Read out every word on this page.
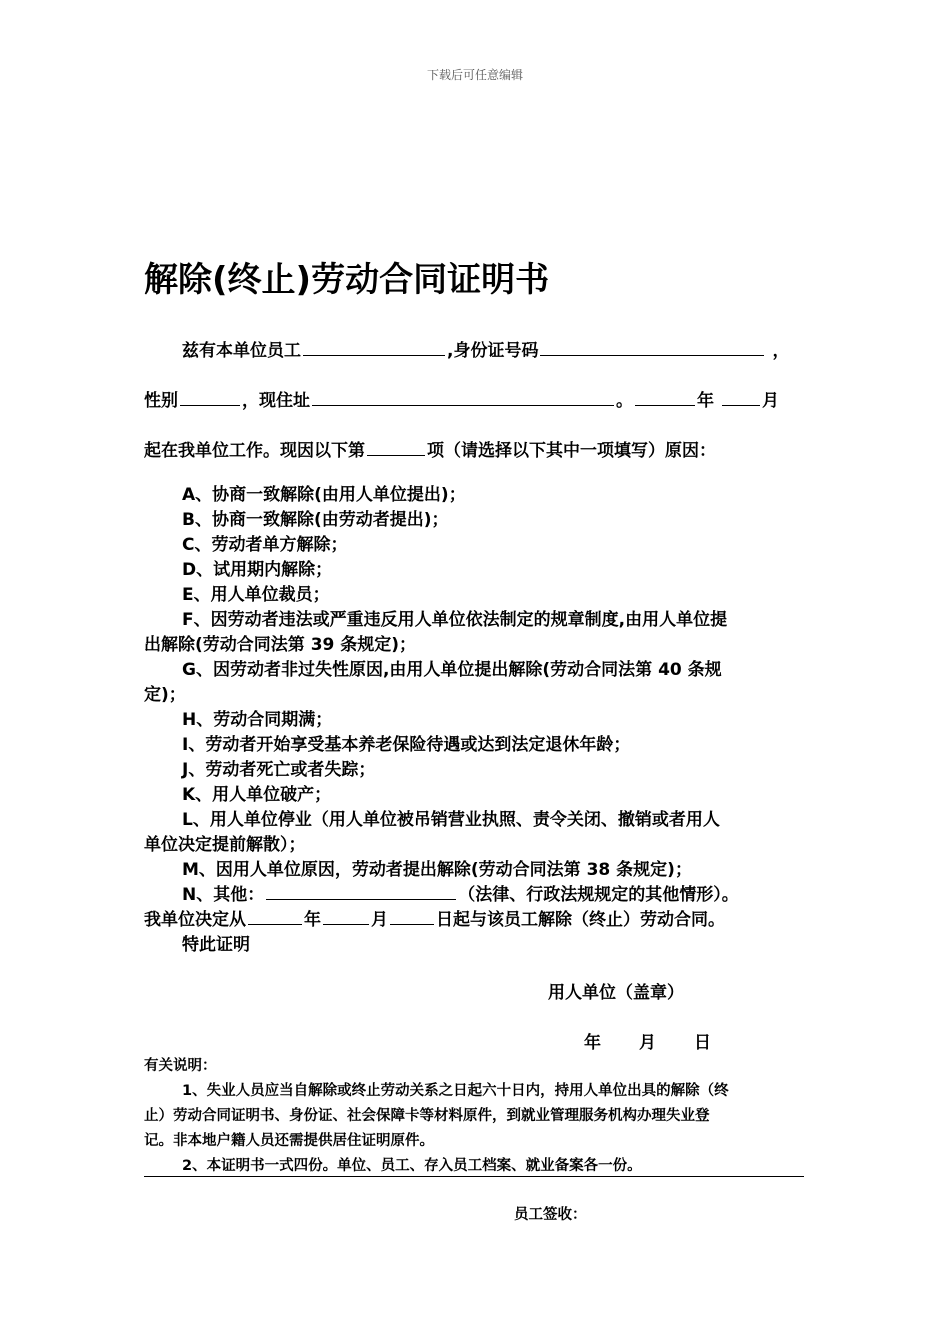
下载后可任意编辑
解除(终止)劳动合同证明书
兹有本单位员工	,身份证号码	，
性别	，现住址	。	年	月
起在我单位工作。现因以下第	项（请选择以下其中一项填写）原因：
A、协商一致解除(由用人单位提出)；
B、协商一致解除(由劳动者提出)；
C、劳动者单方解除；
D、试用期内解除；
E、用人单位裁员；
F、因劳动者违法或严重违反用人单位依法制定的规章制度,由用人单位提
出解除(劳动合同法第 39 条规定)；
G、因劳动者非过失性原因,由用人单位提出解除(劳动合同法第 40 条规
定)；
H、劳动合同期满；
I、劳动者开始享受基本养老保险待遇或达到法定退休年龄；
J、劳动者死亡或者失踪；
K、用人单位破产；
L、用人单位停业（用人单位被吊销营业执照、责令关闭、撤销或者用人
单位决定提前解散）；
M、因用人单位原因，劳动者提出解除(劳动合同法第 38 条规定)；
N、其他：	（法律、行政法规规定的其他情形）。
我单位决定从	年	月	日起与该员工解除（终止）劳动合同。
特此证明
用人单位（盖章）
年 月 日
有关说明：
1、失业人员应当自解除或终止劳动关系之日起六十日内，持用人单位出具的解除（终
止）劳动合同证明书、身份证、社会保障卡等材料原件，到就业管理服务机构办理失业登
记。非本地户籍人员还需提供居住证明原件。
2、本证明书一式四份。单位、员工、存入员工档案、就业备案各一份。
员工签收：
